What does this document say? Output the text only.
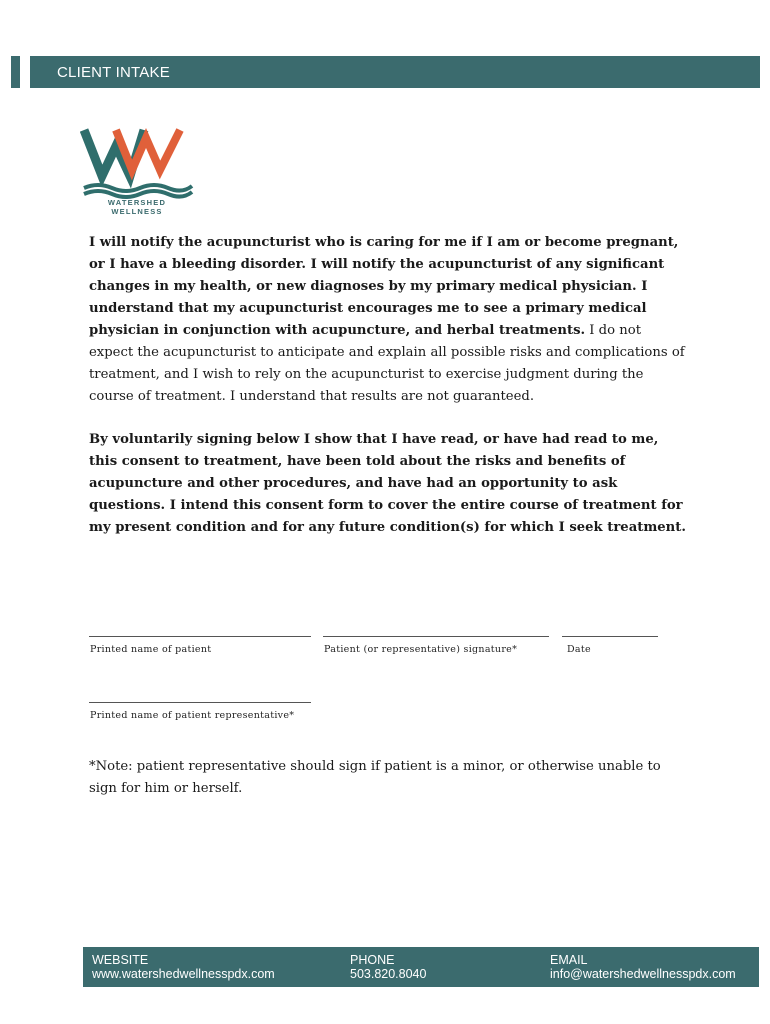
CLIENT INTAKE
WATERSHED WELLNESS

I will notify the acupuncturist who is caring for me if I am or become pregnant, or I have a bleeding disorder. I will notify the acupuncturist of any significant changes in my health, or new diagnoses by my primary medical physician. I understand that my acupuncturist encourages me to see a primary medical physician in conjunction with acupuncture, and herbal treatments. I do not expect the acupuncturist to anticipate and explain all possible risks and complications of treatment, and I wish to rely on the acupuncturist to exercise judgment during the course of treatment. I understand that results are not guaranteed.

By voluntarily signing below I show that I have read, or have had read to me, this consent to treatment, have been told about the risks and benefits of acupuncture and other procedures, and have had an opportunity to ask questions. I intend this consent form to cover the entire course of treatment for my present condition and for any future condition(s) for which I seek treatment.

Printed name of patient	Patient (or representative) signature*	Date
Printed name of patient representative*

*Note: patient representative should sign if patient is a minor, or otherwise unable to sign for him or herself.

WEBSITE
www.watershedwellnesspdx.com
PHONE
503.820.8040
EMAIL
info@watershedwellnesspdx.com
